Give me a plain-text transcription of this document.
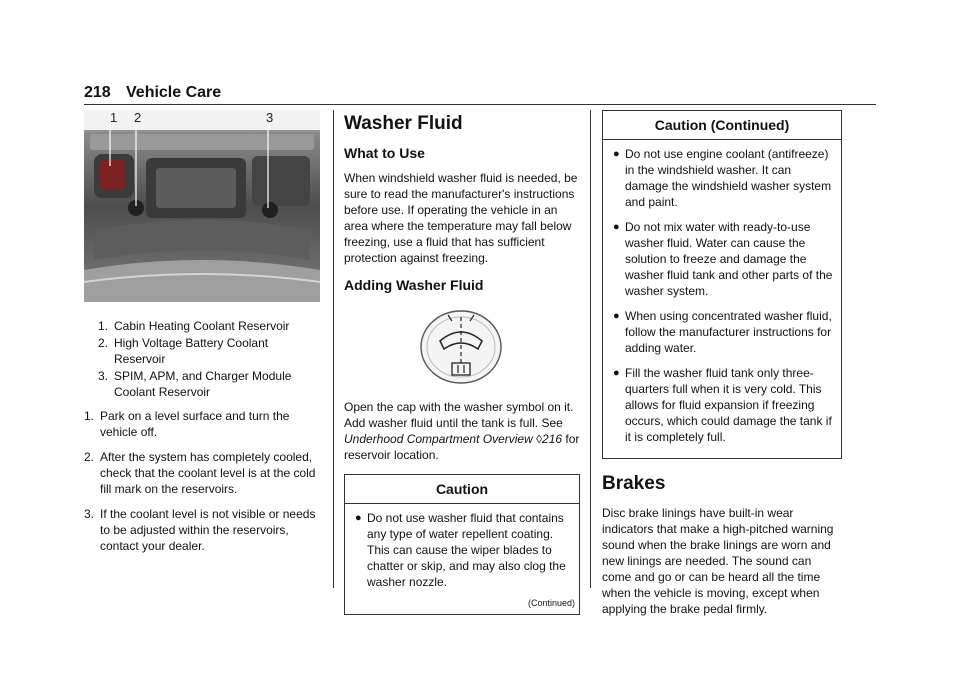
218 Vehicle Care
1 2	3
1. Cabin Heating Coolant Reservoir
2. High Voltage Battery Coolant Reservoir
3. SPIM, APM, and Charger Module Coolant Reservoir
1. Park on a level surface and turn the vehicle off.
2. After the system has completely cooled, check that the coolant level is at the cold fill mark on the reservoirs.
3. If the coolant level is not visible or needs to be adjusted within the reservoirs, contact your dealer.
Washer Fluid
What to Use

When windshield washer fluid is needed, be sure to read the manufacturer's instructions before use. If operating the vehicle in an area where the temperature may fall below freezing, use a fluid that has sufficient protection against freezing.

Adding Washer Fluid

Open the cap with the washer symbol on it. Add washer fluid until the tank is full. See Underhood Compartment Overview ◊216 for reservoir location.

Caution
● Do not use washer fluid that contains any type of water repellent coating. This can cause the wiper blades to chatter or skip, and may also clog the washer nozzle.
(Continued)
Caution (Continued)
● Do not use engine coolant (antifreeze) in the windshield washer. It can damage the windshield washer system and paint.
● Do not mix water with ready-to-use washer fluid. Water can cause the solution to freeze and damage the washer fluid tank and other parts of the washer system.
● When using concentrated washer fluid, follow the manufacturer instructions for adding water.
● Fill the washer fluid tank only three-quarters full when it is very cold. This allows for fluid expansion if freezing occurs, which could damage the tank if it is completely full.
Brakes

Disc brake linings have built-in wear indicators that make a high-pitched warning sound when the brake linings are worn and new linings are needed. The sound can come and go or can be heard all the time when the vehicle is moving, except when applying the brake pedal firmly.
